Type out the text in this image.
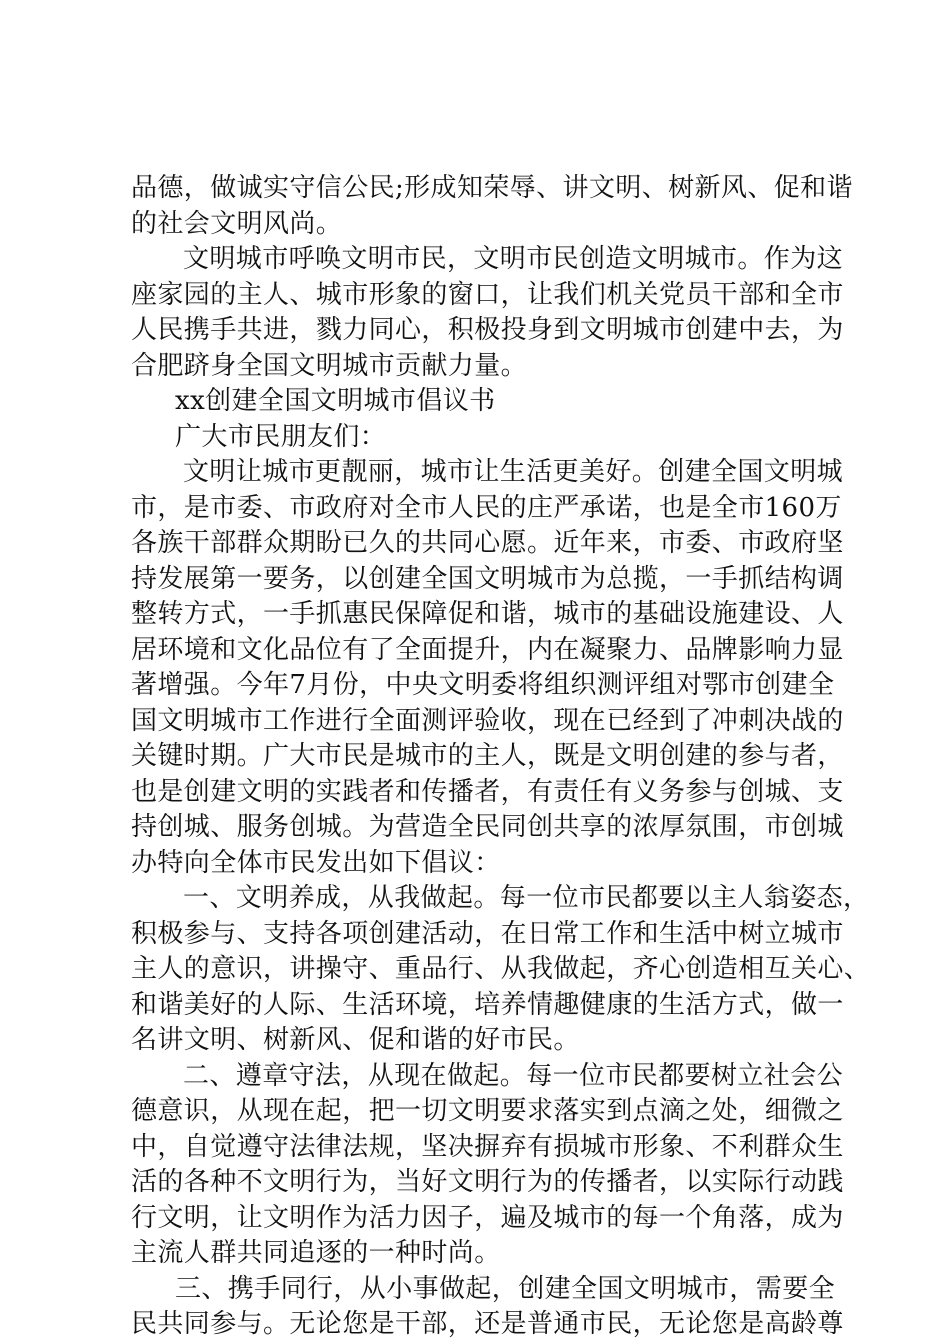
品德，做诚实守信公民;形成知荣辱、讲文明、树新风、促和谐
的社会文明风尚。
文明城市呼唤文明市民，文明市民创造文明城市。作为这
座家园的主人、城市形象的窗口，让我们机关党员干部和全市
人民携手共进，戮力同心，积极投身到文明城市创建中去，为
合肥跻身全国文明城市贡献力量。
xx创建全国文明城市倡议书
广大市民朋友们：
文明让城市更靓丽，城市让生活更美好。创建全国文明城
市，是市委、市政府对全市人民的庄严承诺，也是全市160万
各族干部群众期盼已久的共同心愿。近年来，市委、市政府坚
持发展第一要务，以创建全国文明城市为总揽，一手抓结构调
整转方式，一手抓惠民保障促和谐，城市的基础设施建设、人
居环境和文化品位有了全面提升，内在凝聚力、品牌影响力显
著增强。今年7月份，中央文明委将组织测评组对鄂市创建全
国文明城市工作进行全面测评验收，现在已经到了冲刺决战的
关键时期。广大市民是城市的主人，既是文明创建的参与者，
也是创建文明的实践者和传播者，有责任有义务参与创城、支
持创城、服务创城。为营造全民同创共享的浓厚氛围，市创城
办特向全体市民发出如下倡议：
一、文明养成，从我做起。每一位市民都要以主人翁姿态，
积极参与、支持各项创建活动，在日常工作和生活中树立城市
主人的意识，讲操守、重品行、从我做起，齐心创造相互关心、
和谐美好的人际、生活环境，培养情趣健康的生活方式，做一
名讲文明、树新风、促和谐的好市民。
二、遵章守法，从现在做起。每一位市民都要树立社会公
德意识，从现在起，把一切文明要求落实到点滴之处，细微之
中，自觉遵守法律法规，坚决摒弃有损城市形象、不利群众生
活的各种不文明行为，当好文明行为的传播者，以实际行动践
行文明，让文明作为活力因子，遍及城市的每一个角落，成为
主流人群共同追逐的一种时尚。
三、携手同行，从小事做起，创建全国文明城市，需要全
民共同参与。无论您是干部，还是普通市民，无论您是高龄尊
